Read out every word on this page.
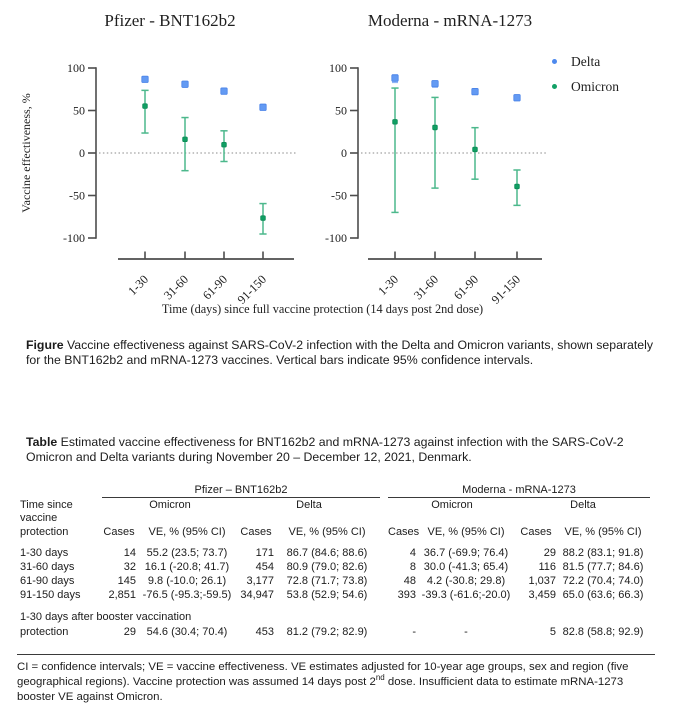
Pfizer - BNT162b2
100
50
0
-50
-100
Vaccine effectiveness, %
1-30 31-60 61-90 91-150
Moderna - mRNA-1273
100
50
0
-50
-100
1-30 31-60 61-90 91-150
Delta
Omicron
Time (days) since full vaccine protection (14 days post 2nd dose)

Figure Vaccine effectiveness against SARS-CoV-2 infection with the Delta and Omicron variants, shown separately for the BNT162b2 and mRNA-1273 vaccines. Vertical bars indicate 95% confidence intervals.

Table Estimated vaccine effectiveness for BNT162b2 and mRNA-1273 against infection with the SARS-CoV-2 Omicron and Delta variants during November 20 – December 12, 2021, Denmark.
	Pfizer – BNT162b2					Moderna - mRNA-1273			
Time since	Omicron		Delta			Omicron		Delta	
vaccine									
protection	Cases	VE, % (95% CI)	Cases	VE, % (95% CI)		Cases	VE, % (95% CI)	Cases	VE, % (95% CI)

1-30 days	14	55.2 (23.5; 73.7)	171	86.7 (84.6; 88.6)		4	36.7 (-69.9; 76.4)	29	88.2 (83.1; 91.8)
31-60 days	32	16.1 (-20.8; 41.7)	454	80.9 (79.0; 82.6)		8	30.0 (-41.3; 65.4)	116	81.5 (77.7; 84.6)
61-90 days	145	9.8 (-10.0; 26.1)	3,177	72.8 (71.7; 73.8)		48	4.2 (-30.8; 29.8)	1,037	72.2 (70.4; 74.0)
91-150 days	2,851	-76.5 (-95.3;-59.5)	34,947	53.8 (52.9; 54.6)		393	-39.3 (-61.6;-20.0)	3,459	65.0 (63.6; 66.3)

1-30 days after booster vaccination									
protection	29	54.6 (30.4; 70.4)	453	81.2 (79.2; 82.9)		-	-	5	82.8 (58.8; 92.9)
CI = confidence intervals; VE = vaccine effectiveness. VE estimates adjusted for 10-year age groups, sex and region (five geographical regions). Vaccine protection was assumed 14 days post 2nd dose. Insufficient data to estimate mRNA-1273 booster VE against Omicron.
